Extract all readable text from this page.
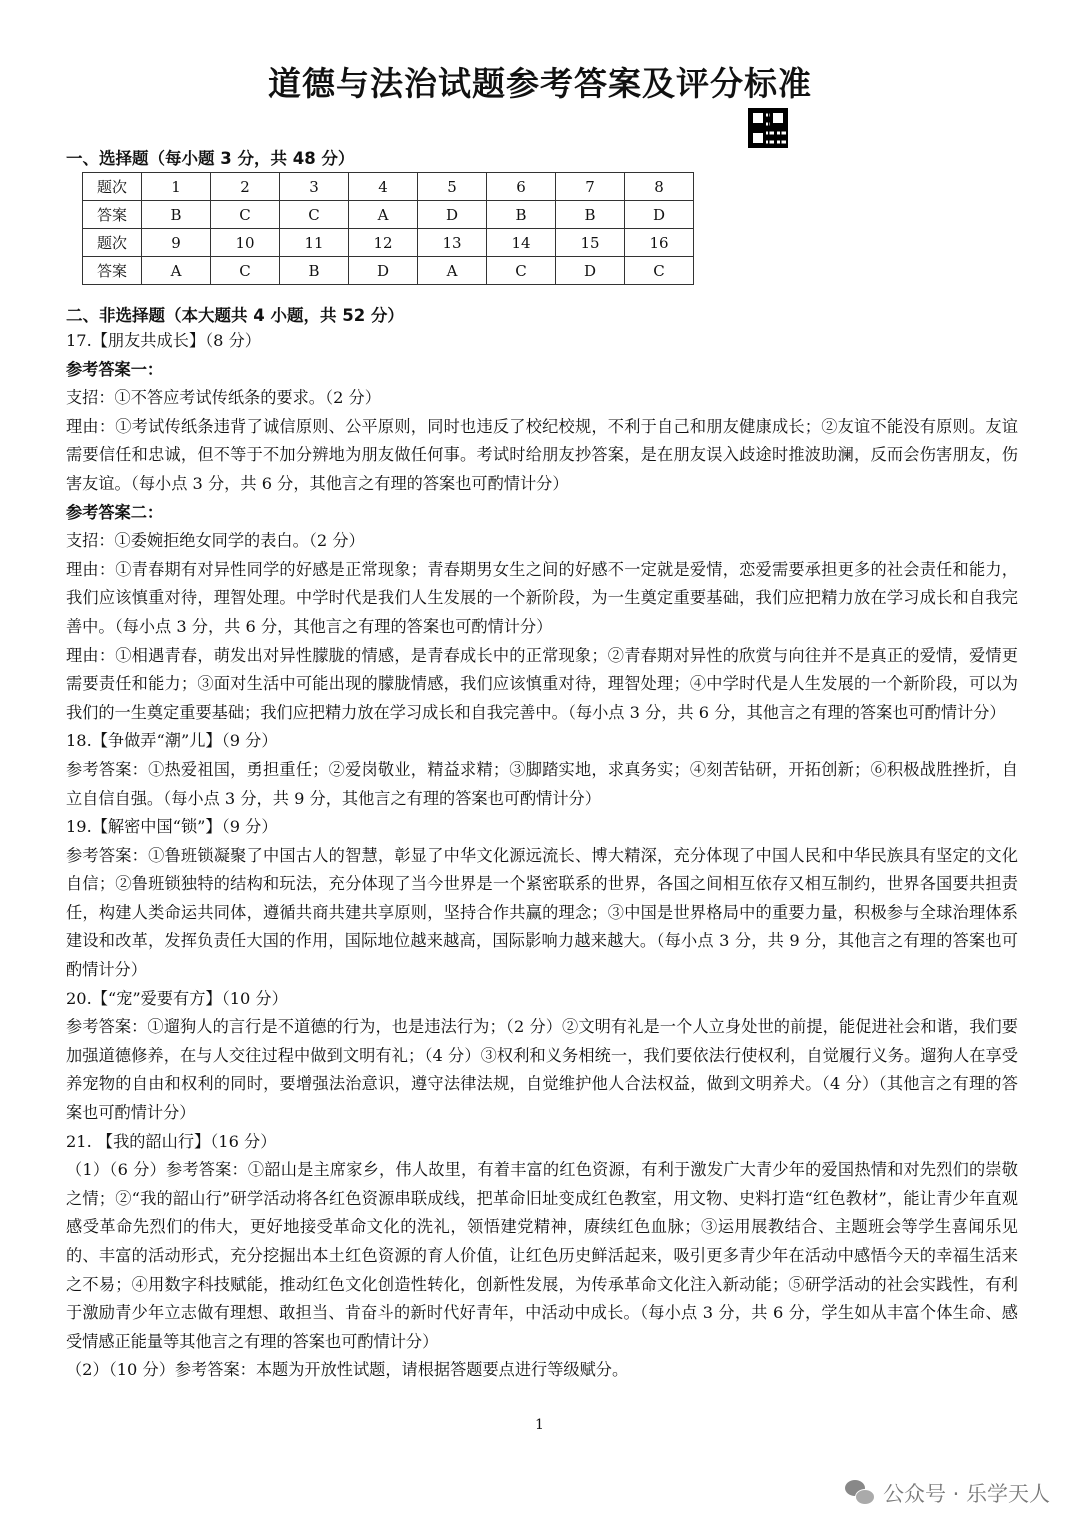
道德与法治试题参考答案及评分标准

一、选择题（每小题 3 分，共 48 分）

题次	1	2	3	4	5	6	7	8
答案	B	C	C	A	D	B	B	D
题次	9	10	11	12	13	14	15	16
答案	A	C	B	D	A	C	D	C

二、非选择题（本大题共 4 小题，共 52 分）

17.【朋友共成长】（8 分）

参考答案一：

支招：①不答应考试传纸条的要求。（2 分）

理由：①考试传纸条违背了诚信原则、公平原则，同时也违反了校纪校规，不利于自己和朋友健康成长；②友谊不能没有原则。友谊需要信任和忠诚，但不等于不加分辨地为朋友做任何事。考试时给朋友抄答案，是在朋友误入歧途时推波助澜，反而会伤害朋友，伤害友谊。（每小点 3 分，共 6 分，其他言之有理的答案也可酌情计分）

参考答案二：

支招：①委婉拒绝女同学的表白。（2 分）

理由：①青春期有对异性同学的好感是正常现象；青春期男女生之间的好感不一定就是爱情，恋爱需要承担更多的社会责任和能力，我们应该慎重对待，理智处理。中学时代是我们人生发展的一个新阶段，为一生奠定重要基础，我们应把精力放在学习成长和自我完善中。（每小点 3 分，共 6 分，其他言之有理的答案也可酌情计分）

理由：①相遇青春，萌发出对异性朦胧的情感，是青春成长中的正常现象；②青春期对异性的欣赏与向往并不是真正的爱情，爱情更需要责任和能力；③面对生活中可能出现的朦胧情感，我们应该慎重对待，理智处理；④中学时代是人生发展的一个新阶段，可以为我们的一生奠定重要基础；我们应把精力放在学习成长和自我完善中。（每小点 3 分，共 6 分，其他言之有理的答案也可酌情计分）

18.【争做弄“潮”儿】（9 分）

参考答案：①热爱祖国，勇担重任；②爱岗敬业，精益求精；③脚踏实地，求真务实；④刻苦钻研，开拓创新；⑥积极战胜挫折，自立自信自强。（每小点 3 分，共 9 分，其他言之有理的答案也可酌情计分）

19.【解密中国“锁”】（9 分）

参考答案：①鲁班锁凝聚了中国古人的智慧，彰显了中华文化源远流长、博大精深，充分体现了中国人民和中华民族具有坚定的文化自信；②鲁班锁独特的结构和玩法，充分体现了当今世界是一个紧密联系的世界，各国之间相互依存又相互制约，世界各国要共担责任，构建人类命运共同体，遵循共商共建共享原则，坚持合作共赢的理念；③中国是世界格局中的重要力量，积极参与全球治理体系建设和改革，发挥负责任大国的作用，国际地位越来越高，国际影响力越来越大。（每小点 3 分，共 9 分，其他言之有理的答案也可酌情计分）

20.【“宠”爱要有方】（10 分）

参考答案：①遛狗人的言行是不道德的行为，也是违法行为；（2 分）②文明有礼是一个人立身处世的前提，能促进社会和谐，我们要加强道德修养，在与人交往过程中做到文明有礼；（4 分）③权利和义务相统一，我们要依法行使权利，自觉履行义务。遛狗人在享受养宠物的自由和权利的同时，要增强法治意识，遵守法律法规，自觉维护他人合法权益，做到文明养犬。（4 分）（其他言之有理的答案也可酌情计分）

21. 【我的韶山行】（16 分）

（1）（6 分）参考答案：①韶山是主席家乡，伟人故里，有着丰富的红色资源，有利于激发广大青少年的爱国热情和对先烈们的崇敬之情；②“我的韶山行”研学活动将各红色资源串联成线，把革命旧址变成红色教室，用文物、史料打造“红色教材”，能让青少年直观感受革命先烈们的伟大，更好地接受革命文化的洗礼，领悟建党精神，赓续红色血脉；③运用展教结合、主题班会等学生喜闻乐见的、丰富的活动形式，充分挖掘出本土红色资源的育人价值，让红色历史鲜活起来，吸引更多青少年在活动中感悟今天的幸福生活来之不易；④用数字科技赋能，推动红色文化创造性转化，创新性发展，为传承革命文化注入新动能；⑤研学活动的社会实践性，有利于激励青少年立志做有理想、敢担当、肯奋斗的新时代好青年，中活动中成长。（每小点 3 分，共 6 分，学生如从丰富个体生命、感受情感正能量等其他言之有理的答案也可酌情计分）

（2）（10 分）参考答案：本题为开放性试题，请根据答题要点进行等级赋分。

1
公众号 · 乐学天人
